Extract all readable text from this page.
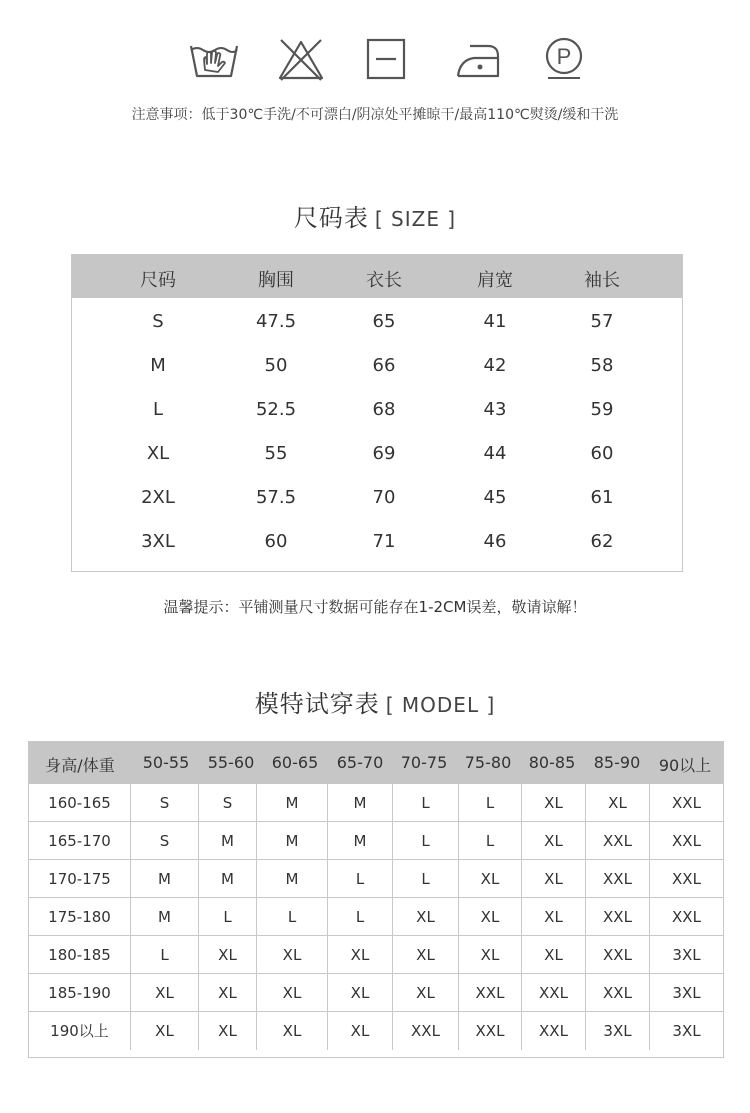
P
注意事项：低于30℃手洗/不可漂白/阴凉处平摊晾干/最高110℃熨烫/缓和干洗
尺码表 [ SIZE ]
尺码	胸围	衣长	肩宽	袖长
S	47.5	65	41	57
M	50	66	42	58
L	52.5	68	43	59
XL	55	69	44	60
2XL	57.5	70	45	61
3XL	60	71	46	62
温馨提示：平铺测量尺寸数据可能存在1-2CM误差，敬请谅解！
模特试穿表 [ MODEL ]
身高/体重	50-55	55-60	60-65	65-70	70-75	75-80	80-85	85-90	90以上
160-165	S	S	M	M	L	L	XL	XL	XXL
165-170	S	M	M	M	L	L	XL	XXL	XXL
170-175	M	M	M	L	L	XL	XL	XXL	XXL
175-180	M	L	L	L	XL	XL	XL	XXL	XXL
180-185	L	XL	XL	XL	XL	XL	XL	XXL	3XL
185-190	XL	XL	XL	XL	XL	XXL	XXL	XXL	3XL
190以上	XL	XL	XL	XL	XXL	XXL	XXL	3XL	3XL
